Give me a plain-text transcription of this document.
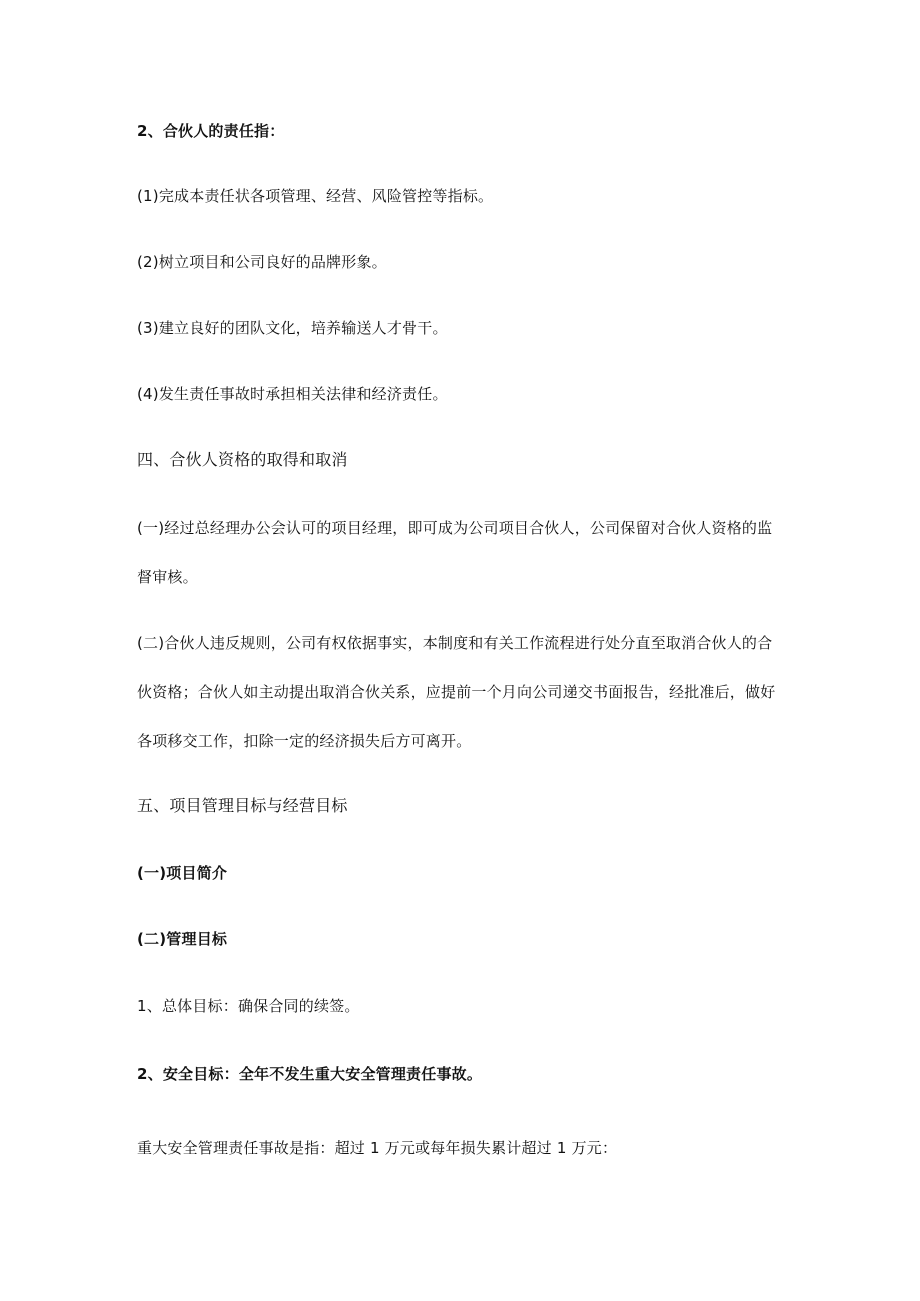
2、合伙人的责任指：

(1)完成本责任状各项管理、经营、风险管控等指标。

(2)树立项目和公司良好的品牌形象。

(3)建立良好的团队文化，培养输送人才骨干。

(4)发生责任事故时承担相关法律和经济责任。

四、合伙人资格的取得和取消

(一)经过总经理办公会认可的项目经理，即可成为公司项目合伙人，公司保留对合伙人资格的监

督审核。

(二)合伙人违反规则，公司有权依据事实，本制度和有关工作流程进行处分直至取消合伙人的合

伙资格；合伙人如主动提出取消合伙关系，应提前一个月向公司递交书面报告，经批准后，做好

各项移交工作，扣除一定的经济损失后方可离开。

五、项目管理目标与经营目标

(一)项目简介

(二)管理目标

1、总体目标：确保合同的续签。

2、安全目标：全年不发生重大安全管理责任事故。

重大安全管理责任事故是指：超过 1 万元或每年损失累计超过 1 万元：
